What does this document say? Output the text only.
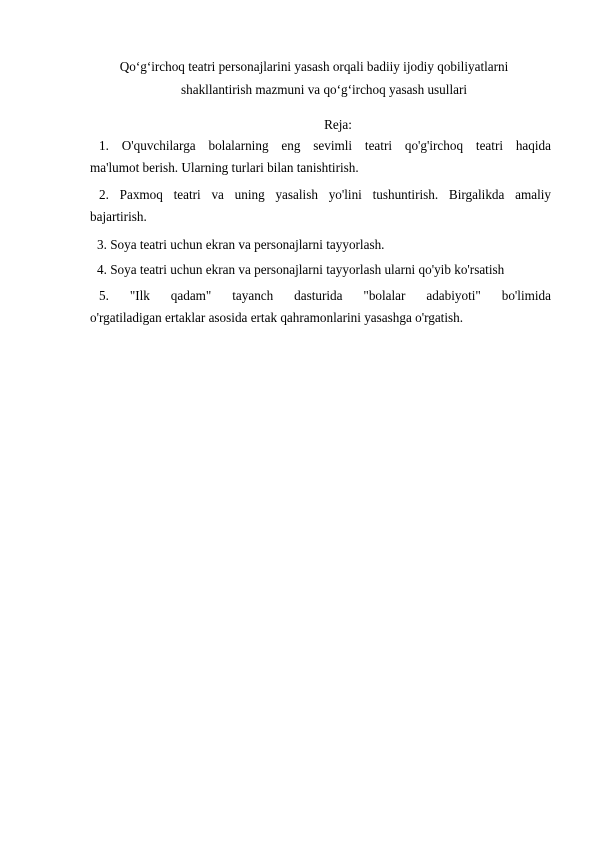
Qo‘g‘irchoq teatri personajlarini yasash orqali badiiy ijodiy qobiliyatlarni
shakllantirish mazmuni va qo‘g‘irchoq yasash usullari
Reja:
1. O'quvchilarga bolalarning eng sevimli teatri qo'g'irchoq teatri haqida
ma'lumot berish. Ularning turlari bilan tanishtirish.
2. Paxmoq teatri va uning yasalish yo'lini tushuntirish. Birgalikda amaliy
bajartirish.
3. Soya teatri uchun ekran va personajlarni tayyorlash.
4. Soya teatri uchun ekran va personajlarni tayyorlash ularni qo'yib ko'rsatish
5. "Ilk qadam" tayanch dasturida "bolalar adabiyoti" bo'limida
o'rgatiladigan ertaklar asosida ertak qahramonlarini yasashga o'rgatish.
